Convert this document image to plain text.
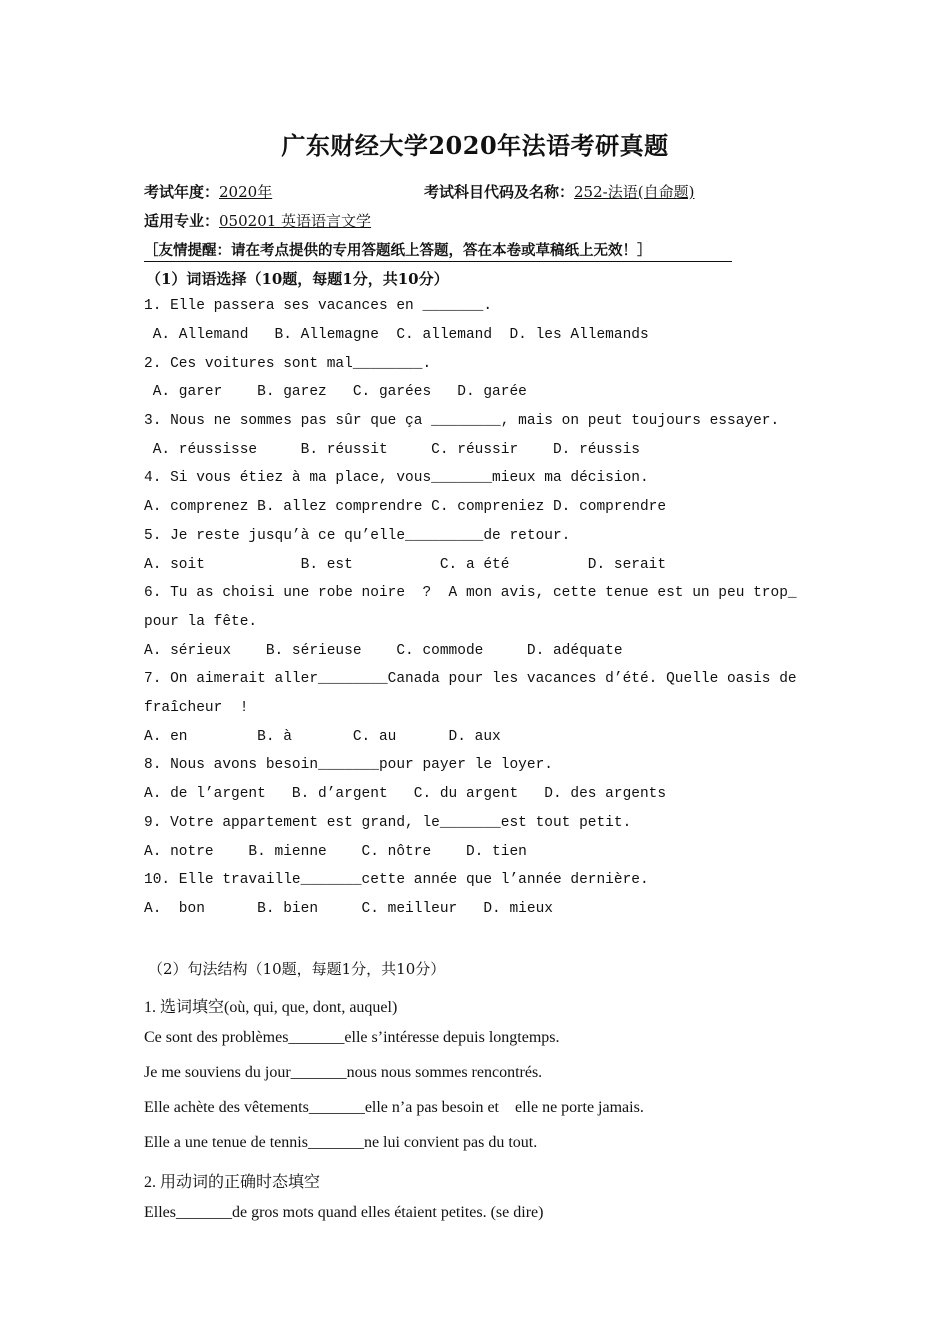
广东财经大学2020年法语考研真题
考试年度：2020年	考试科目代码及名称：252-法语(自命题)
适用专业：050201 英语语言文学
［友情提醒：请在考点提供的专用答题纸上答题，答在本卷或草稿纸上无效！］
（1）词语选择（10题，每题1分，共10分）
1. Elle passera ses vacances en _______.
A. Allemand   B. Allemagne  C. allemand  D. les Allemands
2. Ces voitures sont mal________.
A. garer    B. garez   C. garées   D. garée
3. Nous ne sommes pas sûr que ça ________, mais on peut toujours essayer.
A. réussisse     B. réussit     C. réussir    D. réussis
4. Si vous étiez à ma place, vous_______mieux ma décision.
A. comprenez B. allez comprendre C. compreniez D. comprendre
5. Je reste jusqu’à ce qu’elle_________de retour.
A. soit           B. est          C. a été         D. serait
6. Tu as choisi une robe noire  ?  A mon avis, cette tenue est un peu trop_
pour la fête.
A. sérieux    B. sérieuse    C. commode     D. adéquate
7. On aimerait aller________Canada pour les vacances d’été. Quelle oasis de
fraîcheur  !
A. en        B. à       C. au      D. aux
8. Nous avons besoin_______pour payer le loyer.
A. de l’argent   B. d’argent   C. du argent   D. des argents
9. Votre appartement est grand, le_______est tout petit.
A. notre    B. mienne    C. nôtre    D. tien
10. Elle travaille_______cette année que l’année dernière.
A.  bon      B. bien     C. meilleur   D. mieux
（2）句法结构（10题，每题1分，共10分）
1. 选词填空(où, qui, que, dont, auquel)
Ce sont des problèmes_______elle s’intéresse depuis longtemps.
Je me souviens du jour_______nous nous sommes rencontrés.
Elle achète des vêtements_______elle n’a pas besoin et    elle ne porte jamais.
Elle a une tenue de tennis_______ne lui convient pas du tout.
2. 用动词的正确时态填空
Elles_______de gros mots quand elles étaient petites. (se dire)
